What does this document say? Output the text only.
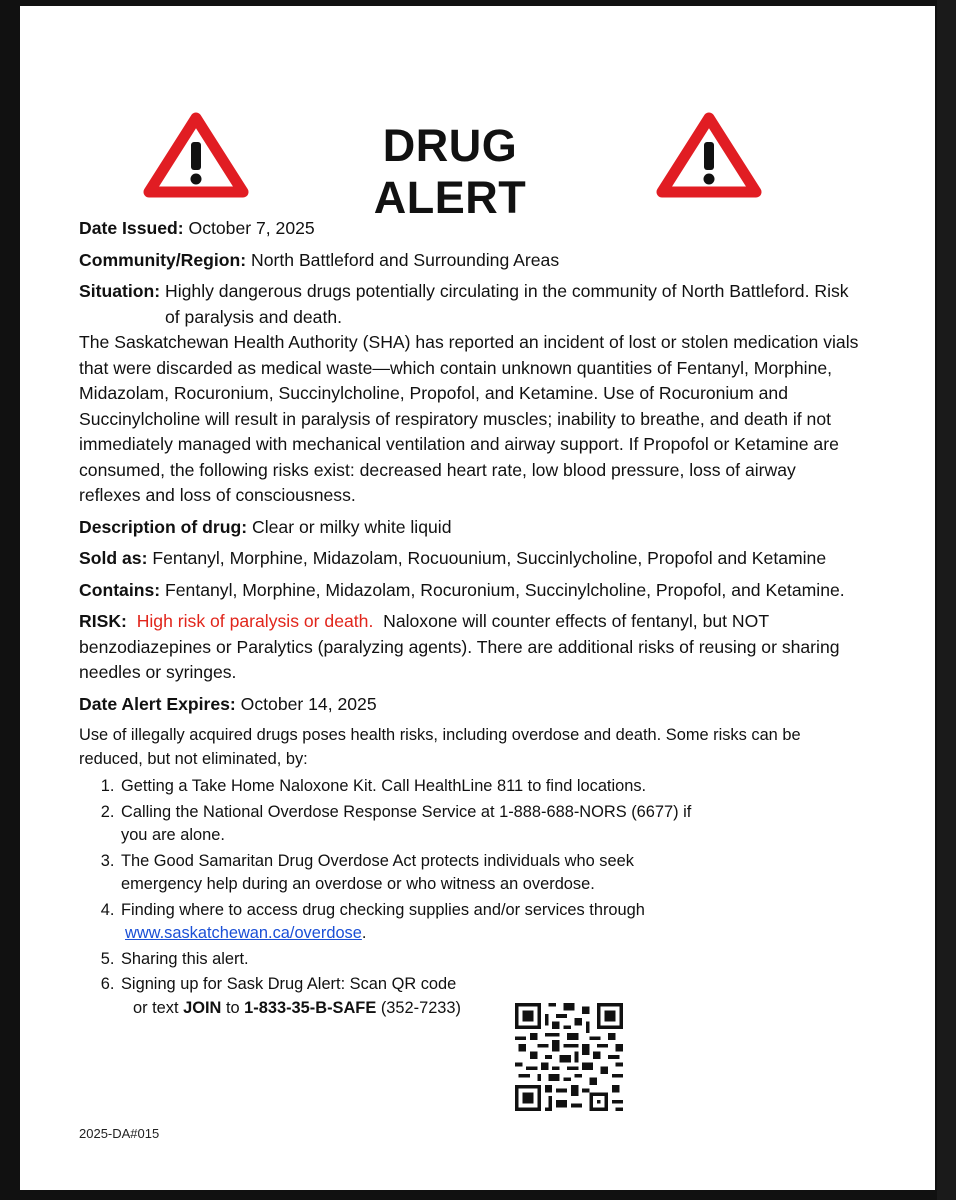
DRUG ALERT

Date Issued: October 7, 2025

Community/Region: North Battleford and Surrounding Areas

Situation: Highly dangerous drugs potentially circulating in the community of North Battleford. Risk of paralysis and death.

The Saskatchewan Health Authority (SHA) has reported an incident of lost or stolen medication vials that were discarded as medical waste—which contain unknown quantities of Fentanyl, Morphine, Midazolam, Rocuronium, Succinylcholine, Propofol, and Ketamine. Use of Rocuronium and Succinylcholine will result in paralysis of respiratory muscles; inability to breathe, and death if not immediately managed with mechanical ventilation and airway support. If Propofol or Ketamine are consumed, the following risks exist: decreased heart rate, low blood pressure, loss of airway reflexes and loss of consciousness.

Description of drug: Clear or milky white liquid

Sold as: Fentanyl, Morphine, Midazolam, Rocuounium, Succinlycholine, Propofol and Ketamine

Contains: Fentanyl, Morphine, Midazolam, Rocuronium, Succinylcholine, Propofol, and Ketamine.

RISK: High risk of paralysis or death. Naloxone will counter effects of fentanyl, but NOT benzodiazepines or Paralytics (paralyzing agents). There are additional risks of reusing or sharing needles or syringes.

Date Alert Expires: October 14, 2025

Use of illegally acquired drugs poses health risks, including overdose and death. Some risks can be reduced, but not eliminated, by:

1. Getting a Take Home Naloxone Kit. Call HealthLine 811 to find locations.
2. Calling the National Overdose Response Service at 1-888-688-NORS (6677) if you are alone.
3. The Good Samaritan Drug Overdose Act protects individuals who seek emergency help during an overdose or who witness an overdose.
4. Finding where to access drug checking supplies and/or services through
www.saskatchewan.ca/overdose.
5. Sharing this alert.
6. Signing up for Sask Drug Alert: Scan QR code
or text JOIN to 1-833-35-B-SAFE (352-7233)
2025-DA#015
